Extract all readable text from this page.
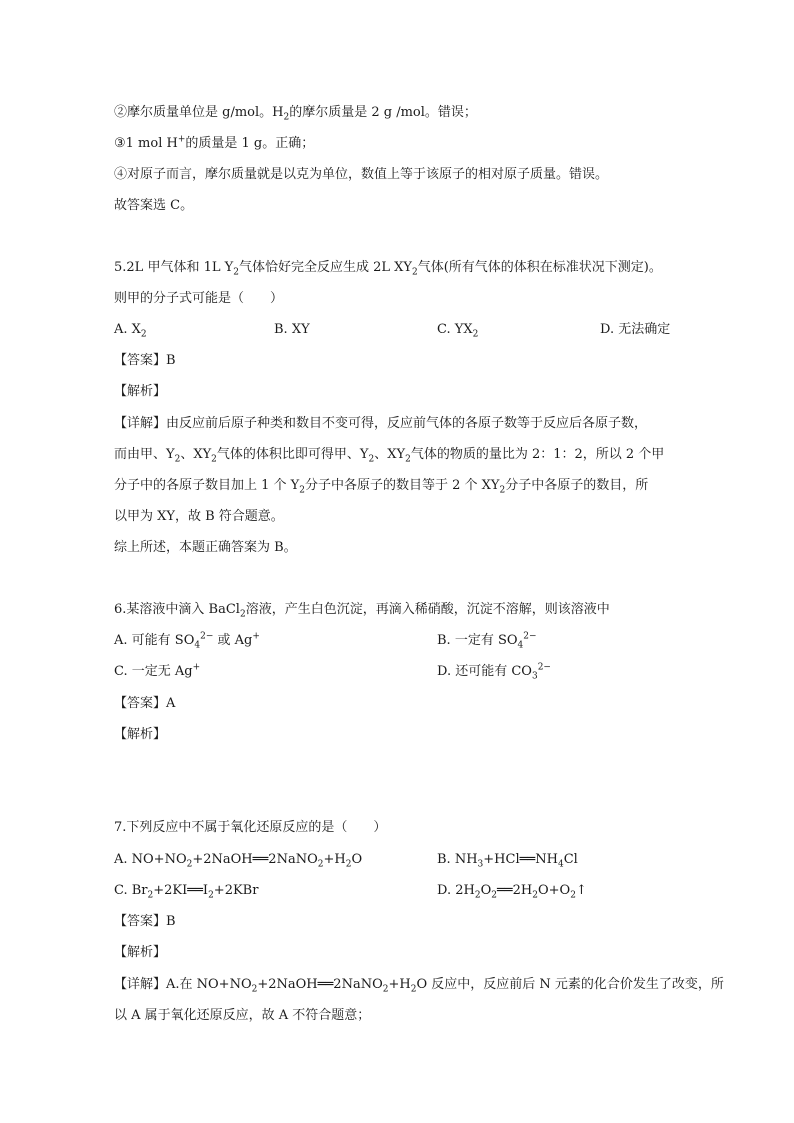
②摩尔质量单位是 g/mol。$H_2$的摩尔质量是 2 g /mol。错误；
③1 mol H+的质量是 1 g。正确；
④对原子而言，摩尔质量就是以克为单位，数值上等于该原子的相对原子质量。错误。
故答案选 C。
5.2L 甲气体和 1L $Y_2$气体恰好完全反应生成 2L $XY_2$气体(所有气体的体积在标准状况下测定)。
则甲的分子式可能是（　　）
A. $X_2$	B. XY	C. $YX_2$	D. 无法确定
【答案】B
【解析】
【详解】由反应前后原子种类和数目不变可得，反应前气体的各原子数等于反应后各原子数，
而由甲、$Y_2$、$XY_2$气体的体积比即可得甲、$Y_2$、$XY_2$气体的物质的量比为 2：1：2，所以 2 个甲
分子中的各原子数目加上 1 个 $Y_2$分子中各原子的数目等于 2 个 $XY_2$分子中各原子的数目，所
以甲为 XY，故 B 符合题意。
综上所述，本题正确答案为 B。
6.某溶液中滴入 BaCl$_2$溶液，产生白色沉淀，再滴入稀硝酸，沉淀不溶解，则该溶液中
A. 可能有 $SO_4^{2-}$ 或 Ag+	B. 一定有 $SO_4^{2-}$
C. 一定无 Ag+	D. 还可能有 $CO_3^{2-}$
【答案】A
【解析】
7.下列反应中不属于氧化还原反应的是（　　）
A. $NO+NO_2+2NaOH══2NaNO_2+H_2O$	B. $NH_3+HCl══NH_4Cl$
C. $Br_2+2KI══I_2+2KBr$	D. $2H_2O_2══2H_2O+O_2↑$
【答案】B
【解析】
【详解】A.在 $NO+NO_2+2NaOH══2NaNO_2+H_2O$ 反应中，反应前后 N 元素的化合价发生了改变，所
以 A 属于氧化还原反应，故 A 不符合题意；
